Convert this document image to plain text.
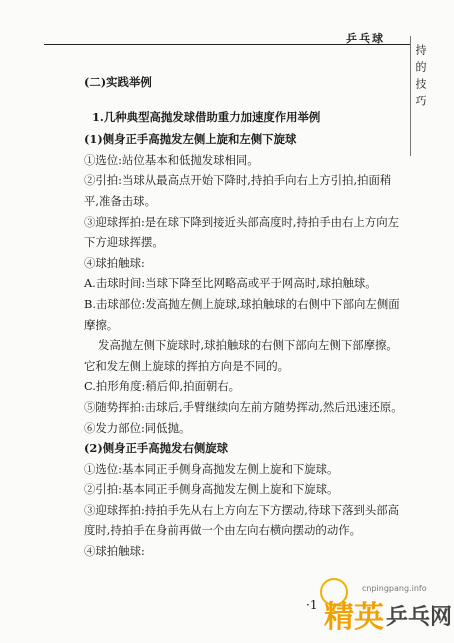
乒乓球
持的技巧

(二)实践举例

1.几种典型高抛发球借助重力加速度作用举例

(1)侧身正手高抛发左侧上旋和左侧下旋球

①选位:站位基本和低抛发球相同。

②引拍:当球从最高点开始下降时,持拍手向右上方引拍,拍面稍平,准备击球。

③迎球挥拍:是在球下降到接近头部高度时,持拍手由右上方向左下方迎球挥摆。

④球拍触球:

A.击球时间:当球下降至比网略高或平于网高时,球拍触球。

B.击球部位:发高抛左侧上旋球,球拍触球的右侧中下部向左侧面摩擦。

发高抛左侧下旋球时,球拍触球的右侧下部向左侧下部摩擦。它和发左侧上旋球的挥拍方向是不同的。

C.拍形角度:稍后仰,拍面朝右。

⑤随势挥拍:击球后,手臂继续向左前方随势挥动,然后迅速还原。

⑥发力部位:同低抛。

(2)侧身正手高抛发右侧旋球

①选位:基本同正手侧身高抛发左侧上旋和下旋球。

②引拍:基本同正手侧身高抛发左侧上旋和下旋球。

③迎球挥拍:持拍手先从右上方向左下方摆动,待球下落到头部高度时,持拍手在身前再做一个由左向右横向摆动的动作。

④球拍触球:

cnpingpang.info
·1 精英 乒乓网
